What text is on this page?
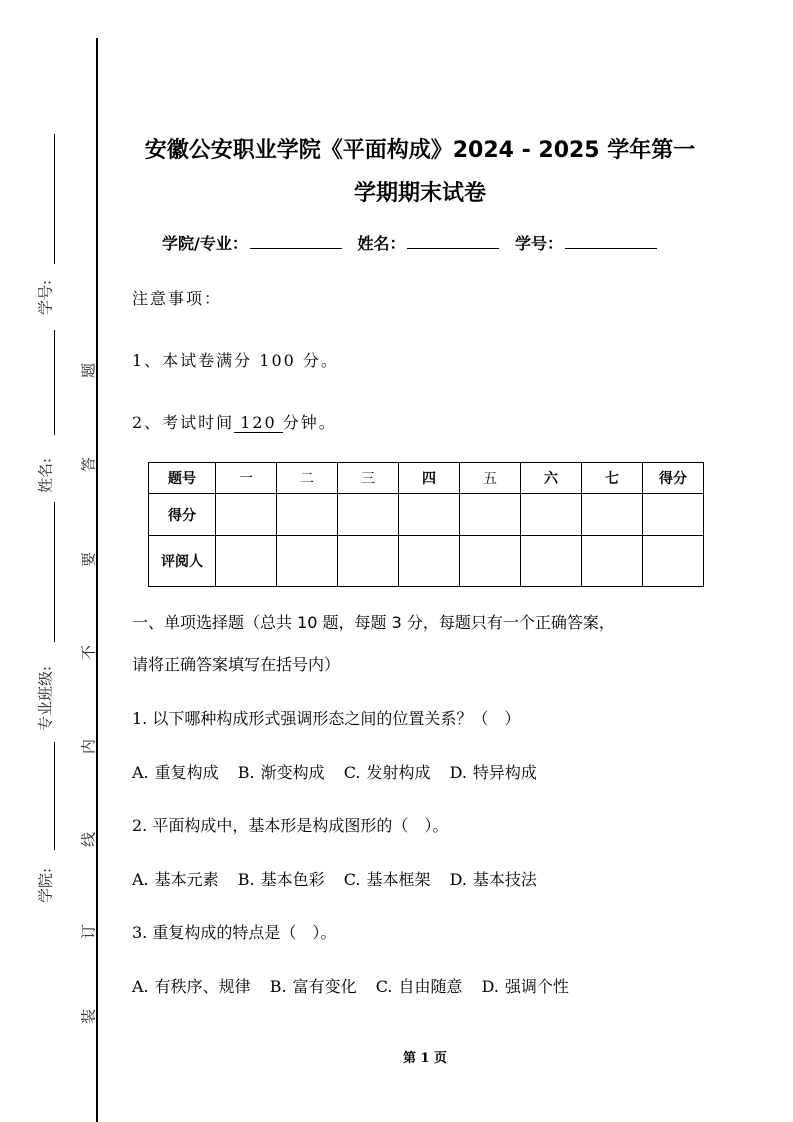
学号:
姓名:
专业班级:
学院:
题
答
要
不
内
线
订
装
安徽公安职业学院《平面构成》2024 - 2025 学年第一
学期期末试卷
学院/专业：	姓名：	学号：
注意事项：
1、本试卷满分 100 分。
2、考试时间 120 分钟。
题号	一	二	三	四	五	六	七	得分
得分								
评阅人								
一、单项选择题（总共 10 题，每题 3 分，每题只有一个正确答案，
请将正确答案填写在括号内）
1. 以下哪种构成形式强调形态之间的位置关系？（　）
A. 重复构成 B. 渐变构成 C. 发射构成 D. 特异构成
2. 平面构成中，基本形是构成图形的（　）。
A. 基本元素 B. 基本色彩 C. 基本框架 D. 基本技法
3. 重复构成的特点是（　）。
A. 有秩序、规律 B. 富有变化 C. 自由随意 D. 强调个性
第 1 页
